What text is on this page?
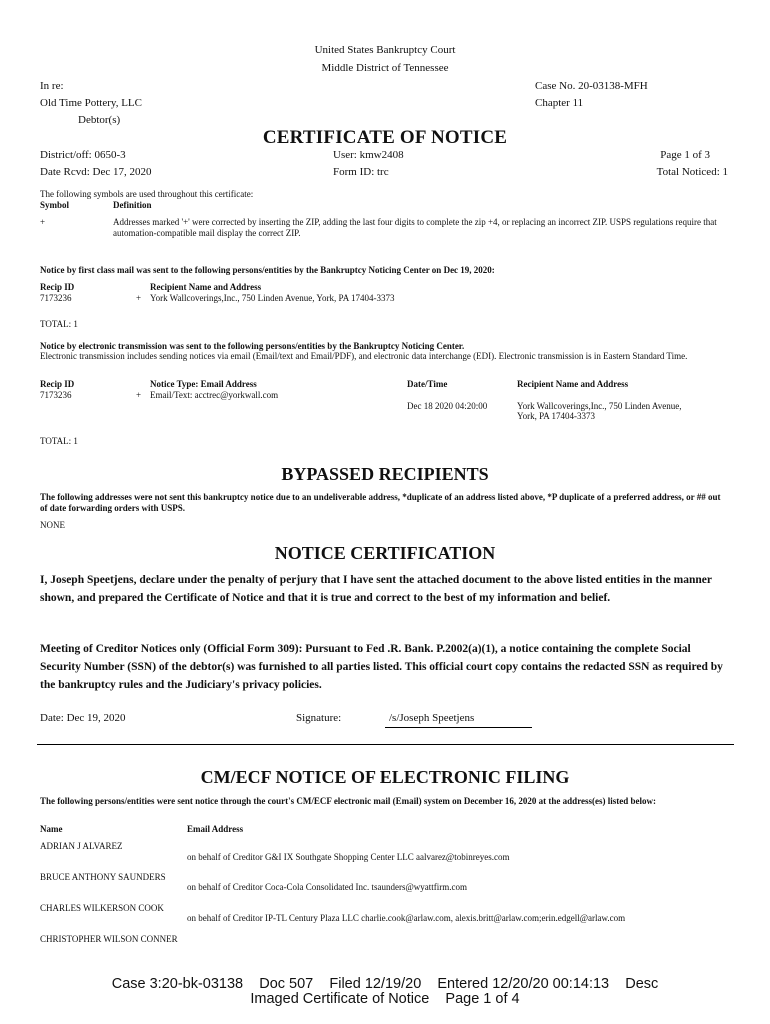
United States Bankruptcy Court
Middle District of Tennessee
In re:
Old Time Pottery, LLC
Debtor(s)
Case No. 20-03138-MFH
Chapter 11
CERTIFICATE OF NOTICE
District/off: 0650-3
Date Rcvd: Dec 17, 2020
User: kmw2408
Form ID: trc
Page 1 of 3
Total Noticed: 1
The following symbols are used throughout this certificate:
Symbol	Definition
+	Addresses marked '+' were corrected by inserting the ZIP, adding the last four digits to complete the zip +4, or replacing an incorrect ZIP. USPS regulations require that automation-compatible mail display the correct ZIP.
Notice by first class mail was sent to the following persons/entities by the Bankruptcy Noticing Center on Dec 19, 2020:
Recip ID	Recipient Name and Address
7173236	+ York Wallcoverings,Inc., 750 Linden Avenue, York, PA 17404-3373
TOTAL: 1
Notice by electronic transmission was sent to the following persons/entities by the Bankruptcy Noticing Center.
Electronic transmission includes sending notices via email (Email/text and Email/PDF), and electronic data interchange (EDI). Electronic transmission is in Eastern Standard Time.
Recip ID	Notice Type: Email Address	Date/Time	Recipient Name and Address
7173236	+ Email/Text: acctrec@yorkwall.com
Dec 18 2020 04:20:00	York Wallcoverings,Inc., 750 Linden Avenue,
York, PA 17404-3373
TOTAL: 1
BYPASSED RECIPIENTS
The following addresses were not sent this bankruptcy notice due to an undeliverable address, *duplicate of an address listed above, *P duplicate of a preferred address, or ## out of date forwarding orders with USPS.
NONE
NOTICE CERTIFICATION
I, Joseph Speetjens, declare under the penalty of perjury that I have sent the attached document to the above listed entities in the manner shown, and prepared the Certificate of Notice and that it is true and correct to the best of my information and belief.
Meeting of Creditor Notices only (Official Form 309): Pursuant to Fed .R. Bank. P.2002(a)(1), a notice containing the complete Social Security Number (SSN) of the debtor(s) was furnished to all parties listed. This official court copy contains the redacted SSN as required by the bankruptcy rules and the Judiciary's privacy policies.
Date: Dec 19, 2020	Signature:	/s/Joseph Speetjens
CM/ECF NOTICE OF ELECTRONIC FILING
The following persons/entities were sent notice through the court's CM/ECF electronic mail (Email) system on December 16, 2020 at the address(es) listed below:
Name	Email Address
ADRIAN J ALVAREZ
on behalf of Creditor G&I IX Southgate Shopping Center LLC aalvarez@tobinreyes.com
BRUCE ANTHONY SAUNDERS
on behalf of Creditor Coca-Cola Consolidated Inc. tsaunders@wyattfirm.com
CHARLES WILKERSON COOK
on behalf of Creditor IP-TL Century Plaza LLC charlie.cook@arlaw.com, alexis.britt@arlaw.com;erin.edgell@arlaw.com
CHRISTOPHER WILSON CONNER
Case 3:20-bk-03138    Doc 507    Filed 12/19/20    Entered 12/20/20 00:14:13    Desc
Imaged Certificate of Notice    Page 1 of 4
